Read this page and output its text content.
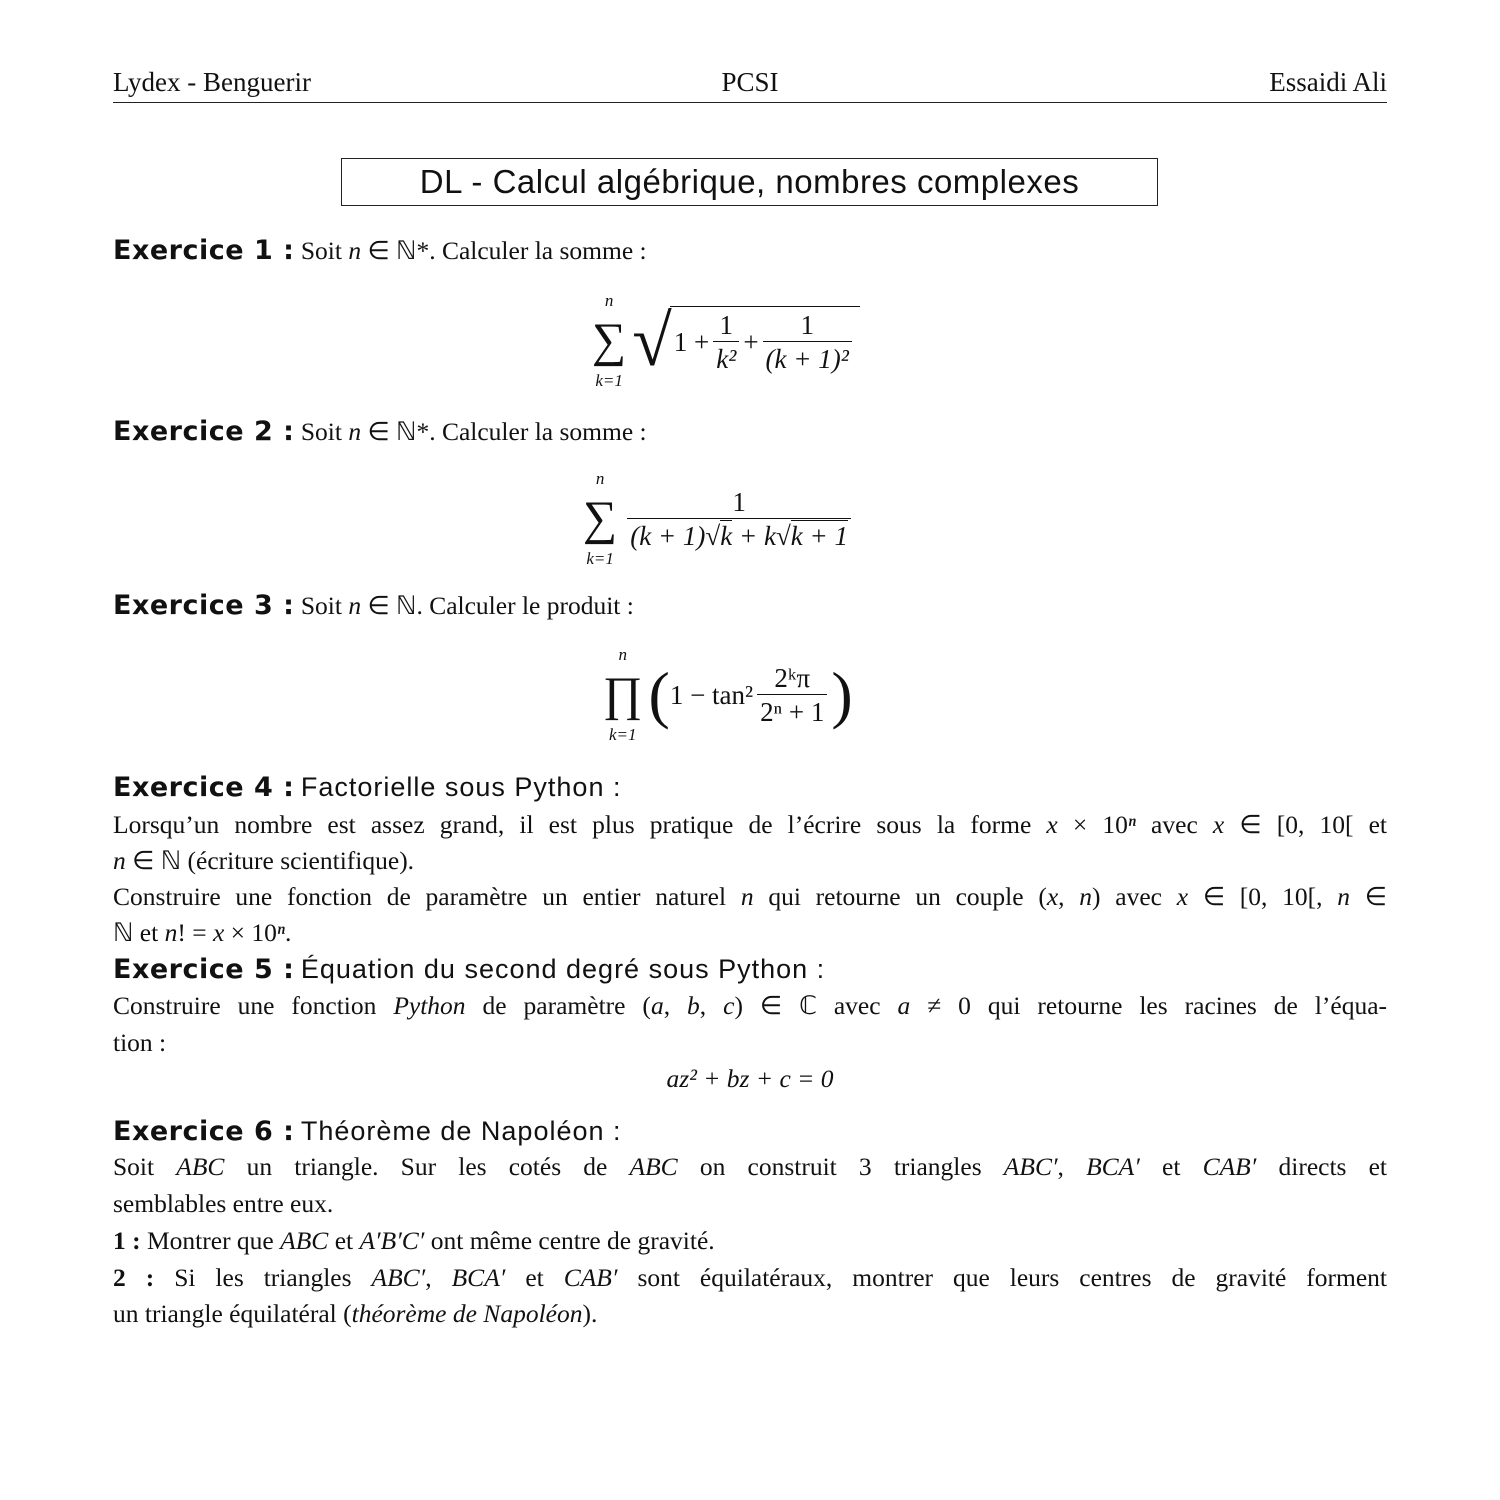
Lydex - Benguerir	PCSI	Essaidi Ali
DL - Calcul algébrique, nombres complexes
Exercice 1 : Soit n ∈ ℕ*. Calculer la somme :
n
∑
k=1 √ $1 + \frac{1}{\text{k²}} + \frac{1}{\text{(k + 1)²}}$
Exercice 2 : Soit n ∈ ℕ*. Calculer la somme :
n
∑
k=1
$\frac{1}{(k + 1)√k + k√k + 1}$
Exercice 3 : Soit n ∈ ℕ. Calculer le produit :
n
∏
k=1
( $1 - \tan^2 \frac{\text{2ᵏπ}}{\text{2ⁿ + 1}}$ )
Exercice 4 : Factorielle sous Python :
Lorsqu’un nombre est assez grand, il est plus pratique de l’écrire sous la forme x × 10ⁿ avec x ∈ [0, 10[ et
n ∈ ℕ (écriture scientifique).
Construire une fonction de paramètre un entier naturel n qui retourne un couple (x, n) avec x ∈ [0, 10[, n ∈
ℕ et n! = x × 10ⁿ.
Exercice 5 : Équation du second degré sous Python :
Construire une fonction Python de paramètre (a, b, c) ∈ ℂ avec a ≠ 0 qui retourne les racines de l’équa-
tion :
az² + bz + c = 0
Exercice 6 : Théorème de Napoléon :
Soit ABC un triangle. Sur les cotés de ABC on construit 3 triangles ABC′, BCA′ et CAB′ directs et
semblables entre eux.
1 : Montrer que ABC et A′B′C′ ont même centre de gravité.
2 : Si les triangles ABC′, BCA′ et CAB′ sont équilatéraux, montrer que leurs centres de gravité forment
un triangle équilatéral (théorème de Napoléon).
